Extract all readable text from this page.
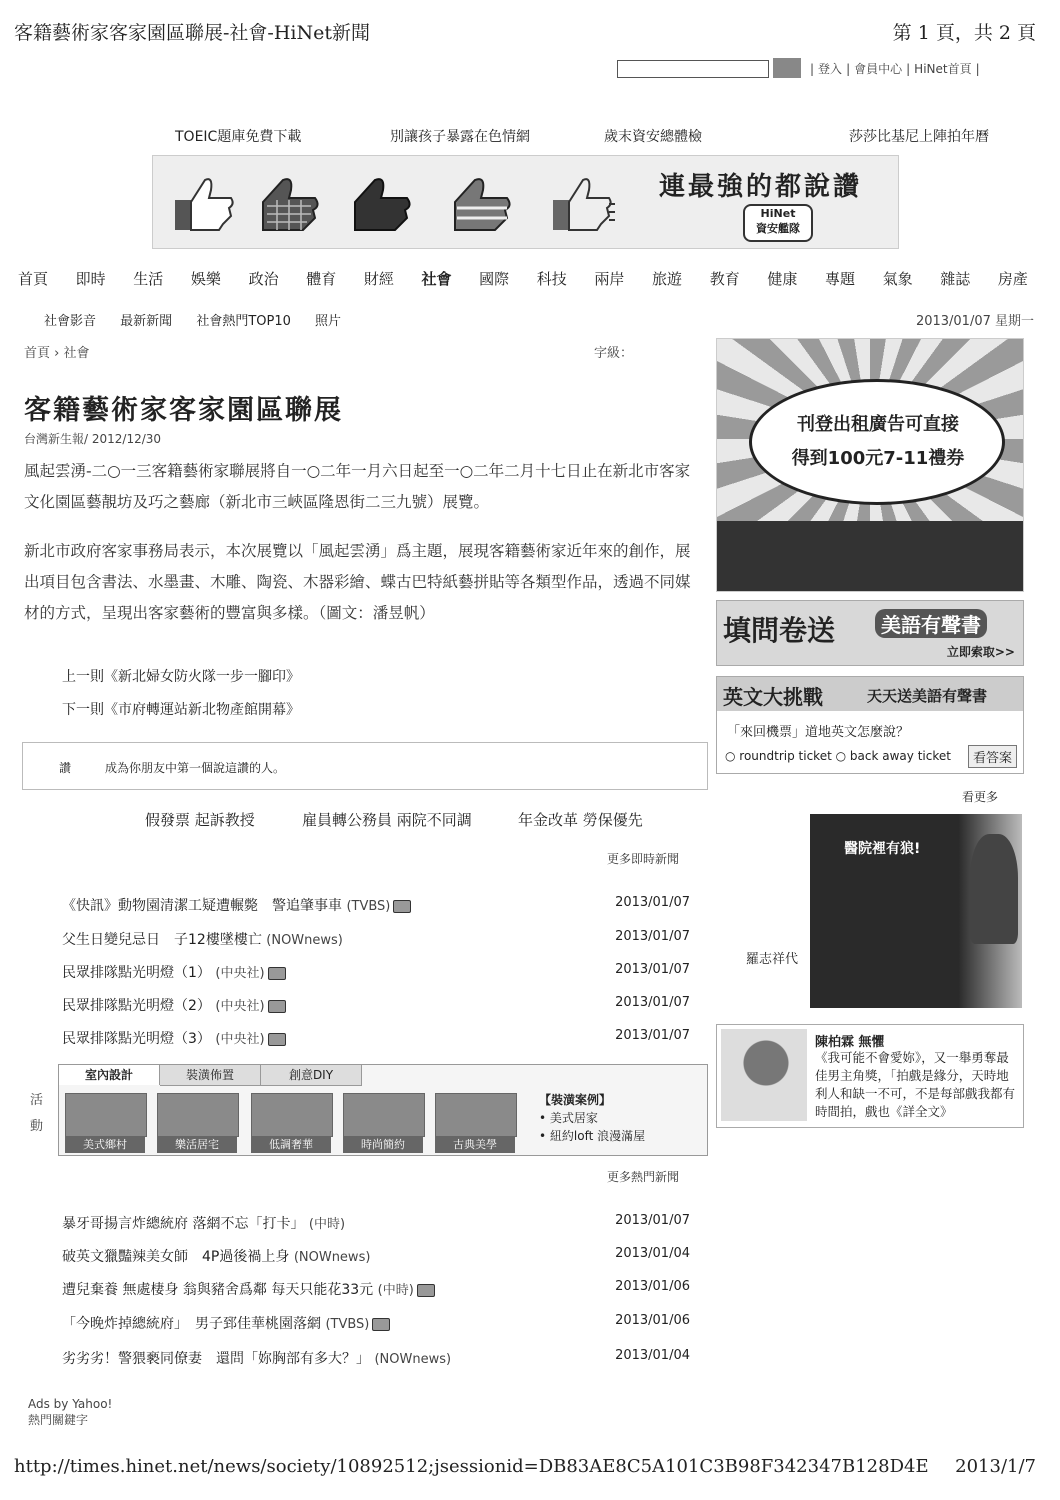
客籍藝術家客家園區聯展-社會-HiNet新聞	第 1 頁，共 2 頁
| 登入 | 會員中心 | HiNet首頁 |
TOEIC題庫免費下載	別讓孩子暴露在色情網	歲末資安總體檢	莎莎比基尼上陣拍年曆
連最強的都說讚
HiNet
資安艦隊
首頁 即時 生活 娛樂 政治 體育 財經 社會 國際 科技 兩岸 旅遊 教育 健康 專題 氣象 雜誌 房產
社會影音 最新新聞 社會熱門TOP10 照片	2013/01/07 星期一
首頁 › 社會	字級：
客籍藝術家客家園區聯展
台灣新生報/ 2012/12/30
風起雲湧-二○一三客籍藝術家聯展將自一○二年一月六日起至一○二年二月十七日止在新北市客家文化園區藝靚坊及巧之藝廊（新北市三峽區隆恩街二三九號）展覽。
新北市政府客家事務局表示，本次展覽以「風起雲湧」爲主題，展現客籍藝術家近年來的創作，展出項目包含書法、水墨畫、木雕、陶瓷、木器彩繪、蝶古巴特紙藝拼貼等各類型作品，透過不同媒材的方式，呈現出客家藝術的豐富與多樣。（圖文：潘昱帆）
上一則《新北婦女防火隊一步一腳印》
下一則《市府轉運站新北物產館開幕》
讚	成為你朋友中第一個說這讚的人。
假發票 起訴教授	雇員轉公務員 兩院不同調	年金改革 勞保優先
更多即時新聞
《快訊》動物園清潔工疑遭輾斃　警追肇事車 (TVBS)	2013/01/07
父生日變兒忌日　子12樓墜樓亡 (NOWnews)	2013/01/07
民眾排隊點光明燈（1） (中央社)	2013/01/07
民眾排隊點光明燈（2） (中央社)	2013/01/07
民眾排隊點光明燈（3） (中央社)	2013/01/07
活動
室內設計	裝潢佈置	創意DIY
美式鄉村	樂活居宅	低調奢華	時尚簡約	古典美學
【裝潢案例】
• 美式居家
• 紐約loft 浪漫滿屋
更多熱門新聞
暴牙哥揚言炸總統府 落網不忘「打卡」 (中時)	2013/01/07
破英文獵豔辣美女師　4P過後禍上身 (NOWnews)	2013/01/04
遭兒棄養 無處棲身 翁與豬舍爲鄰 每天只能花33元 (中時)	2013/01/06
「今晚炸掉總統府」　男子郅佳華桃園落網 (TVBS)	2013/01/06
劣劣劣！警猥褻同僚妻　還問「妳胸部有多大？」 (NOWnews)	2013/01/04
刊登出租廣告可直接
得到100元7-11禮券
填問卷送	美語有聲書
立即索取>>
英文大挑戰	天天送美語有聲書
「來回機票」道地英文怎麼說？
○ roundtrip ticket ○ back away ticket	看答案
看更多
醫院裡有狼!
羅志祥代
陳柏霖 無懼
《我可能不會愛妳》，又一舉勇奪最佳男主角獎，「拍戲是緣分，天時地利人和缺一不可，不是每部戲我都有時間拍，戲也《詳全文》
Ads by Yahoo!
熱門關鍵字
http://times.hinet.net/news/society/10892512;jsessionid=DB83AE8C5A101C3B98F342347B128D4E 2013/1/7
